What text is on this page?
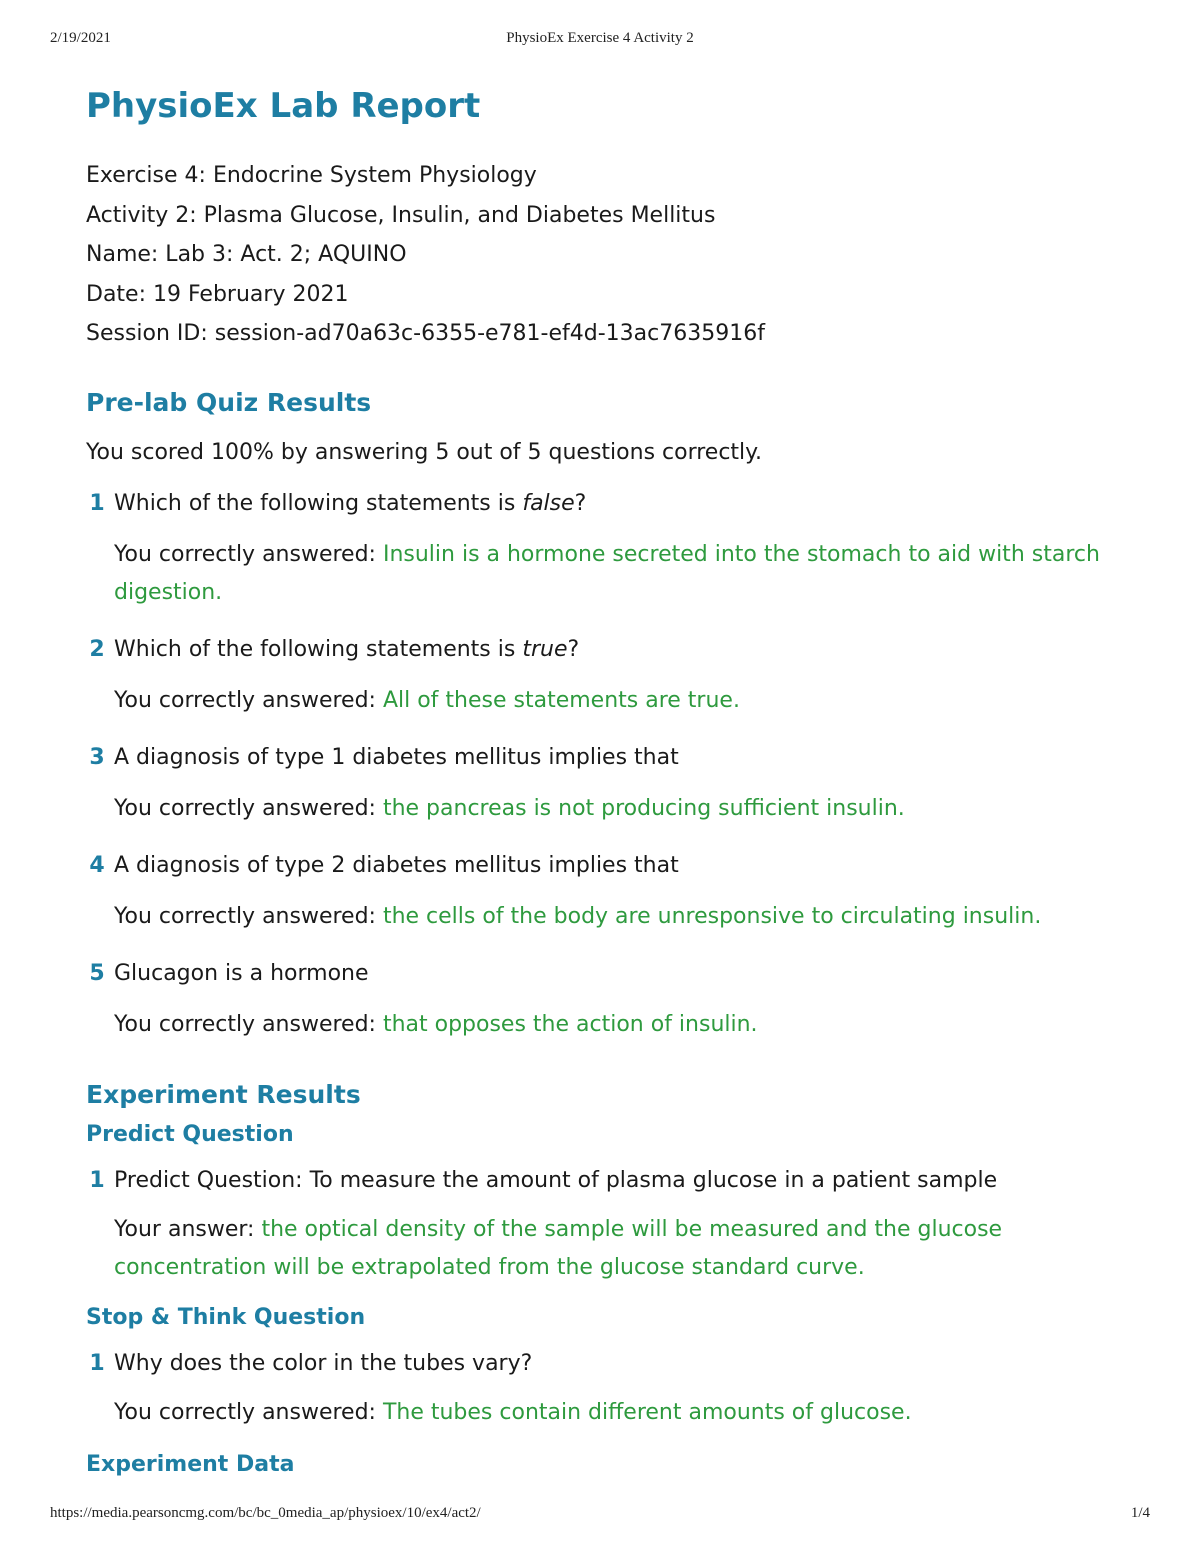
2/19/2021	PhysioEx Exercise 4 Activity 2
PhysioEx Lab Report

Exercise 4: Endocrine System Physiology

Activity 2: Plasma Glucose, Insulin, and Diabetes Mellitus

Name: Lab 3: Act. 2; AQUINO

Date: 19 February 2021

Session ID: session-ad70a63c-6355-e781-ef4d-13ac7635916f

Pre-lab Quiz Results

You scored 100% by answering 5 out of 5 questions correctly.

1 Which of the following statements is false?

You correctly answered: Insulin is a hormone secreted into the stomach to aid with starch digestion.

2 Which of the following statements is true?

You correctly answered: All of these statements are true.

3 A diagnosis of type 1 diabetes mellitus implies that

You correctly answered: the pancreas is not producing sufficient insulin.

4 A diagnosis of type 2 diabetes mellitus implies that

You correctly answered: the cells of the body are unresponsive to circulating insulin.

5 Glucagon is a hormone

You correctly answered: that opposes the action of insulin.

Experiment Results
Predict Question
1 Predict Question: To measure the amount of plasma glucose in a patient sample

Your answer: the optical density of the sample will be measured and the glucose concentration will be extrapolated from the glucose standard curve.

Stop & Think Question
1 Why does the color in the tubes vary?

You correctly answered: The tubes contain different amounts of glucose.

Experiment Data
https://media.pearsoncmg.com/bc/bc_0media_ap/physioex/10/ex4/act2/	1/4
